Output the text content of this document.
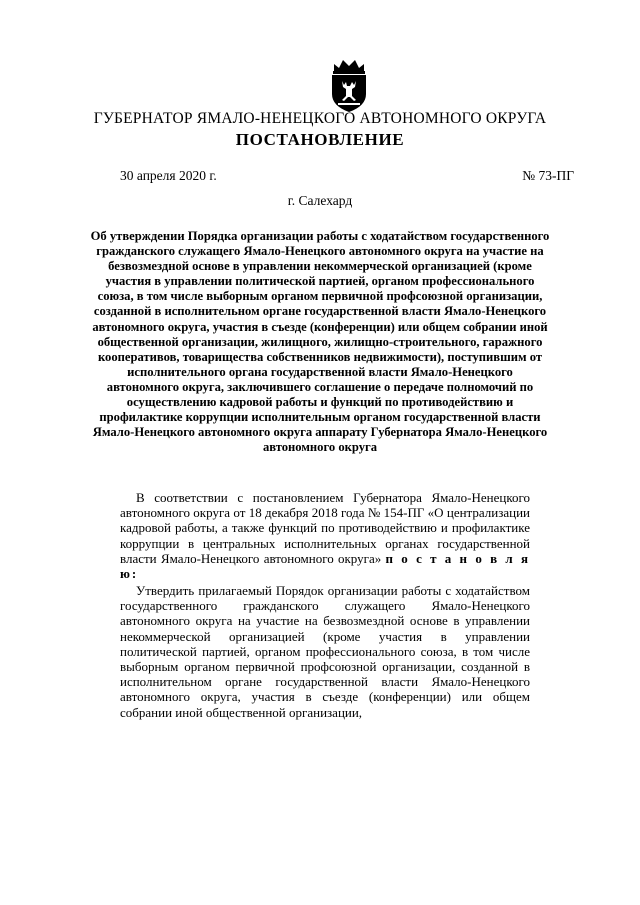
ГУБЕРНАТОР ЯМАЛО-НЕНЕЦКОГО АВТОНОМНОГО ОКРУГА
ПОСТАНОВЛЕНИЕ
30 апреля 2020 г.	№ 73-ПГ
г. Салехард
Об утверждении Порядка организации работы с ходатайством государственного гражданского служащего Ямало-Ненецкого автономного округа на участие на безвозмездной основе в управлении некоммерческой организацией (кроме участия в управлении политической партией, органом профессионального союза, в том числе выборным органом первичной профсоюзной организации, созданной в исполнительном органе государственной власти Ямало-Ненецкого автономного округа, участия в съезде (конференции) или общем собрании иной общественной организации, жилищного, жилищно-строительного, гаражного кооперативов, товарищества собственников недвижимости), поступившим от исполнительного органа государственной власти Ямало-Ненецкого автономного округа, заключившего соглашение о передаче полномочий по осуществлению кадровой работы и функций по противодействию и профилактике коррупции исполнительным органом государственной власти Ямало-Ненецкого автономного округа аппарату Губернатора Ямало-Ненецкого автономного округа
В соответствии с постановлением Губернатора Ямало-Ненецкого автономного округа от 18 декабря 2018 года № 154-ПГ «О централизации кадровой работы, а также функций по противодействию и профилактике коррупции в центральных исполнительных органах государственной власти Ямало-Ненецкого автономного округа» п о с т а н о в л я ю:
Утвердить прилагаемый Порядок организации работы с ходатайством государственного гражданского служащего Ямало-Ненецкого автономного округа на участие на безвозмездной основе в управлении некоммерческой организацией (кроме участия в управлении политической партией, органом профессионального союза, в том числе выборным органом первичной профсоюзной организации, созданной в исполнительном органе государственной власти Ямало-Ненецкого автономного округа, участия в съезде (конференции) или общем собрании иной общественной организации,
